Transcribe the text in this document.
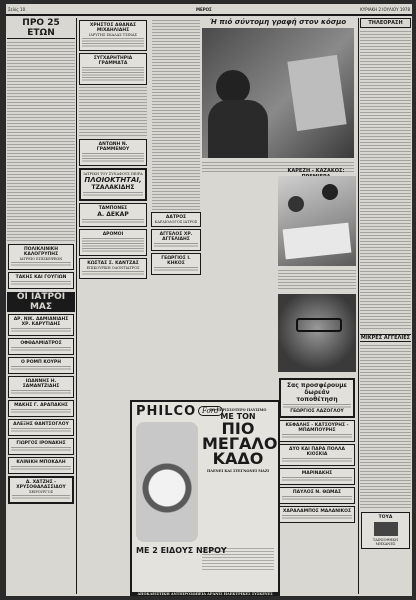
Σελίς 10	ΜΕΡΟΣ	ΚΥΡΙΑΚΗ 2 ΙΟΥΛΙΟΥ 1978
ΠΡΟ 25 ΕΤΩΝ
ΠΟΛΙΚΛΙΝΙΚΗ ΚΑΛΟΓΡΥΠΗΣ
ΙΑΤΡΕΙΟ ΕΠΙΣΚΕΨΕΩΝ
ΤΑΚΗΣ ΚΑΙ ΓΟΥΓΙΩΝ
ΟΙ ΙΑΤΡΟΙ ΜΑΣ
ΔΡ. ΝΙΚ. ΔΑΜΙΑΝΙΔΗΣ ΧΡ. ΚΑΡΥΤΙΔΗΣ
ΟΦΘΑΛΜΙΑΤΡΟΣ
Ο ΡΟΜΠ ΚΟΥΡΗ
ΙΩΑΝΝΗΣ Η. ΣΑΜΑΝΤΖΙΔΗΣ
ΜΑΚΗΣ Γ. ΑΡΑΠΑΚΗΣ
ΑΛΕΞΗΣ ΘΑΝΤΣΟΓΛΟΥ
ΓΙΩΡΓΟΣ ΙΡΟΝΑΚΗΣ
ΚΛΙΝΙΚΗ ΜΠΟΚΑΛΗ
Δ. ΧΑΤΖΗΣ - ΧΡΥΣΟΘΑΛΑΣΣΙΔΟΥ
ΧΕΙΡΟΥΡΓΟΣ
ΧΡΗΣΤΟΣ ΑΘΑΝΑΣ ΜΙΧΑΗΛΙΔΗΣ
ΙΔΡΥΤΗΣ ΣΚΑΛΑΣ ΤΣΙΝΑΣ
ΣΥΓΧΑΡΗΤΗΡΙΑ ΓΡΑΜΜΑΤΑ
ΑΝΤΩΝΗ Ν. ΓΡΑΜΜΕΝΟΥ
ΙΑΤΡΙΚΗ ΤΟΥ ΣΥΝΑΦΟΥΣ ΠΕΙΡΑ
ΠΛΟΙΟΚΤΗΤΑΙ,
ΤΖΑΛΑΚΙΔΗΣ
ΤΑΜΠΟΝΕΣ
Α. ΔΕΚΑΡ
ΔΡΟΜΟΙ
ΚΩΣΤΑΣ Σ. ΚΑΝΤΖΑΣ
ΕΠΙΚΟΥΡΙΚΗ ΟΔΟΝΤΙΑΤΡΟΣ
ΑΑΤΡΟΣ
ΚΑΡΔΙΟΛΟΓΟΣ ΙΑΤΡΟΣ
ΑΓΓΕΛΟΣ ΧΡ. ΑΓΓΕΛΙΔΗΣ
ΓΕΩΡΓΙΟΣ Ι. ΚΗΚΟΣ
Ή πιό σύντομη γραφή στον κόσμο
ΚΑΡΕΖΗ - ΚΑΖΑΚΟΣ:
Σας προσφέρουμε δωρεάν τοποθέτηση
ΓΕΩΡΓΙΟΣ ΛΑΖΟΓΛΟΥ
ΚΕΦΑΛΗΣ - ΚΑΤΣΟΥΡΗΣ - ΜΠΑΜΠΟΥΡΗΣ
ΔΥΟ ΚΑΙ ΠΑΡΑ ΠΟΛΛΑ ΚΙΟΣΚΙΑ
ΜΑΡΙΝΑΚΗΣ
ΠΑΥΛΟΣ Ν. ΘΩΜΑΣ
ΧΑΡΑΛΑΜΠΟΣ ΜΑΛΑΝΙΚΟΣ
ΤΗΛΕΟΡΑΣΗ
ΜΙΚΡΕΣ ΑΓΓΕΛΙΕΣ
ΤΟΥΑ
ΤΑΙΝΙΟΘΗΚΗ ΜΗΧΑΝΕΣ
PHILCO Ford
ΤΟ ΠΕΡΙΣΣΟΤΕΡΟ ΠΛΥΣΙΜΟ
ΜΕ ΤΟΝ
ΠΙΟ ΜΕΓΑΛΟ ΚΑΔΟ
ΠΛΕΝΕΙ ΚΑΙ ΣΤΕΓΝΩΝΕΙ ΜΑΖΙ
ΜΕ 2 ΕΙΔΟΥΣ ΝΕΡΟΥ
ΑΠΟΚΛΕΙΣΤΙΚΗ ΑΝΤΙΠΡΟΣΩΠΕΙΑ ΑΡΑΝΙΣ ΗΛΕΚΤΡΙΚΕΣ ΣΥΣΚΕΥΕΣ
